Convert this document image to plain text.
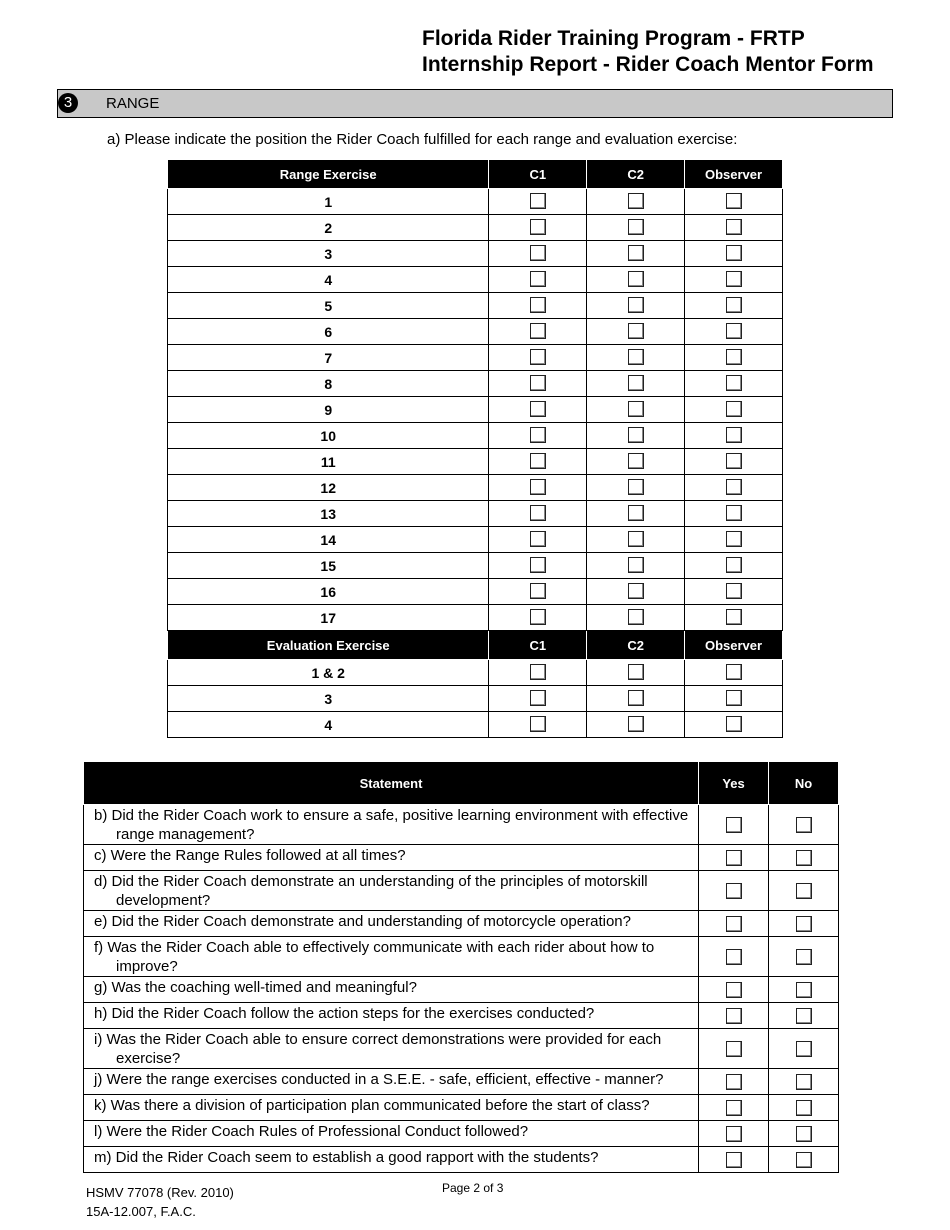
Florida Rider Training Program - FRTP
Internship Report - Rider Coach Mentor Form
3	RANGE
a) Please indicate the position the Rider Coach fulfilled for each range and evaluation exercise:
Range Exercise	C1	C2	Observer
1			
2			
3			
4			
5			
6			
7			
8			
9			
10			
11			
12			
13			
14			
15			
16			
17			
Evaluation Exercise	C1	C2	Observer
1 & 2			
3			
4			
Statement	Yes	No

b) Did the Rider Coach work to ensure a safe, positive learning environment with effective range management?		

c) Were the Range Rules followed at all times?		

d) Did the Rider Coach demonstrate an understanding of the principles of motorskill development?		

e) Did the Rider Coach demonstrate and understanding of motorcycle operation?		

f) Was the Rider Coach able to effectively communicate with each rider about how to improve?		

g) Was the coaching well-timed and meaningful?		

h) Did the Rider Coach follow the action steps for the exercises conducted?		

i) Was the Rider Coach able to ensure correct demonstrations were provided for each exercise?		

j) Were the range exercises conducted in a S.E.E. - safe, efficient, effective - manner?		

k) Was there a division of participation plan communicated before the start of class?		

l) Were the Rider Coach Rules of Professional Conduct followed?		

m) Did the Rider Coach seem to establish a good rapport with the students?		

HSMV 77078 (Rev. 2010)
15A-12.007, F.A.C.
Page 2 of 3
